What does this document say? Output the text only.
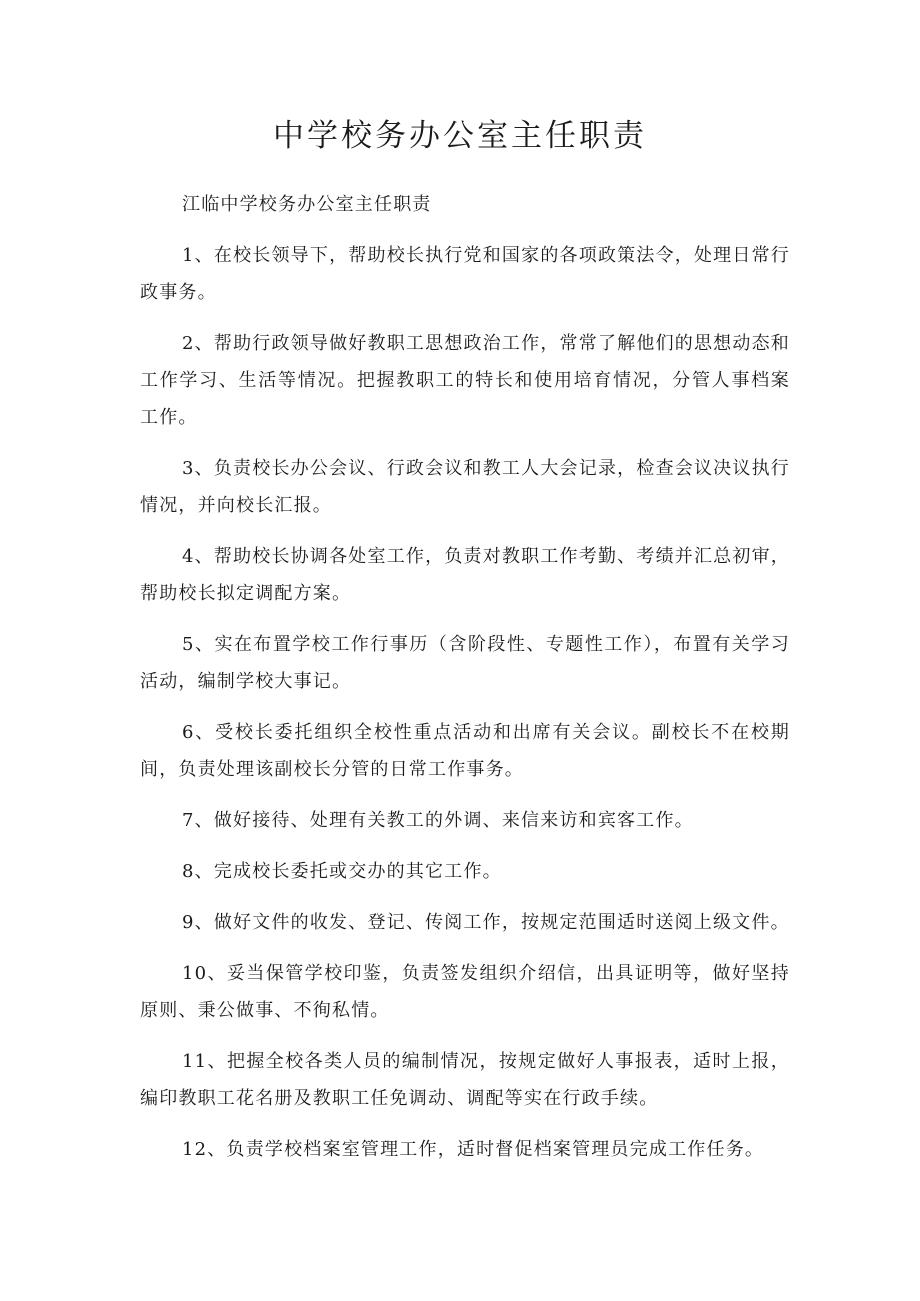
中学校务办公室主任职责

江临中学校务办公室主任职责

1、在校长领导下，帮助校长执行党和国家的各项政策法令，处理日常行政事务。

2、帮助行政领导做好教职工思想政治工作，常常了解他们的思想动态和工作学习、生活等情况。把握教职工的特长和使用培育情况，分管人事档案工作。

3、负责校长办公会议、行政会议和教工人大会记录，检查会议决议执行情况，并向校长汇报。

4、帮助校长协调各处室工作，负责对教职工作考勤、考绩并汇总初审，帮助校长拟定调配方案。

5、实在布置学校工作行事历（含阶段性、专题性工作），布置有关学习活动，编制学校大事记。

6、受校长委托组织全校性重点活动和出席有关会议。副校长不在校期间，负责处理该副校长分管的日常工作事务。

7、做好接待、处理有关教工的外调、来信来访和宾客工作。

8、完成校长委托或交办的其它工作。

9、做好文件的收发、登记、传阅工作，按规定范围适时送阅上级文件。

10、妥当保管学校印鉴，负责签发组织介绍信，出具证明等，做好坚持原则、秉公做事、不徇私情。

11、把握全校各类人员的编制情况，按规定做好人事报表，适时上报，编印教职工花名册及教职工任免调动、调配等实在行政手续。

12、负责学校档案室管理工作，适时督促档案管理员完成工作任务。
